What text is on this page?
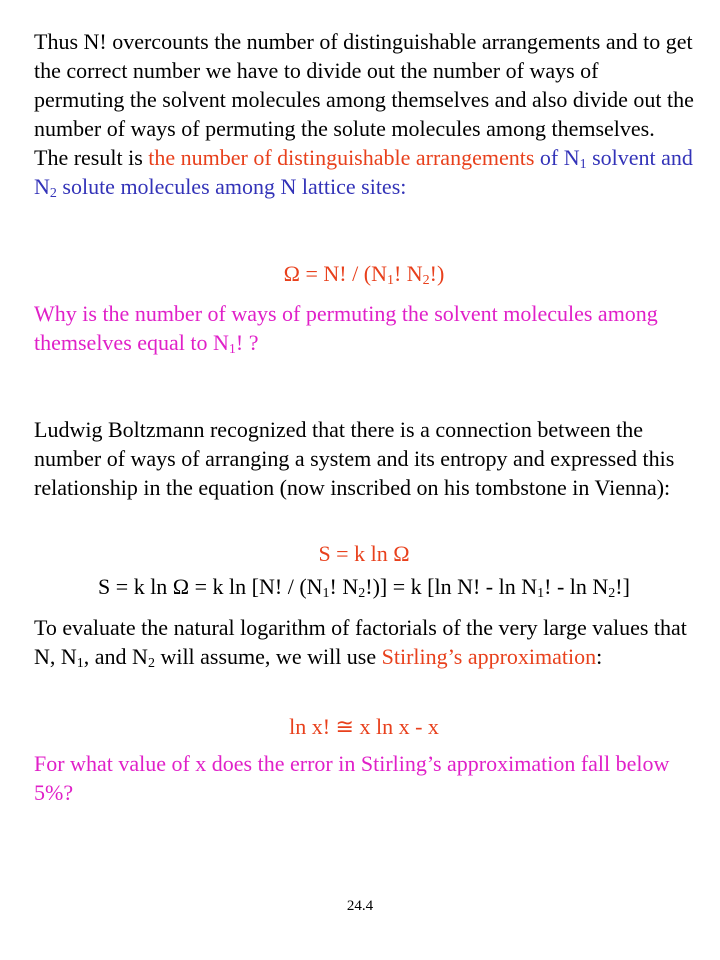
Thus N! overcounts the number of distinguishable arrangements and to get the correct number we have to divide out the number of ways of permuting the solvent molecules among themselves and also divide out the number of ways of permuting the solute molecules among themselves. The result is the number of distinguishable arrangements of $N_1$ solvent and $N_2$ solute molecules among N lattice sites:

Ω = N! / ($N_1$! $N_2$!)

Why is the number of ways of permuting the solvent molecules among themselves equal to $N_1$! ?

Ludwig Boltzmann recognized that there is a connection between the number of ways of arranging a system and its entropy and expressed this relationship in the equation (now inscribed on his tombstone in Vienna):

S = k ln Ω

S = k ln Ω = k ln [N! / ($N_1$! $N_2!)] = k$ [ln N! - $\ln N_1$! - $\ln N_2$!]

To evaluate the natural logarithm of factorials of the very large values that N, $N_1$, and $N_2$ will assume, we will use Stirling’s approximation:

ln x! ≅ x ln x - x

For what value of x does the error in Stirling’s approximation fall below 5%?

24.4
